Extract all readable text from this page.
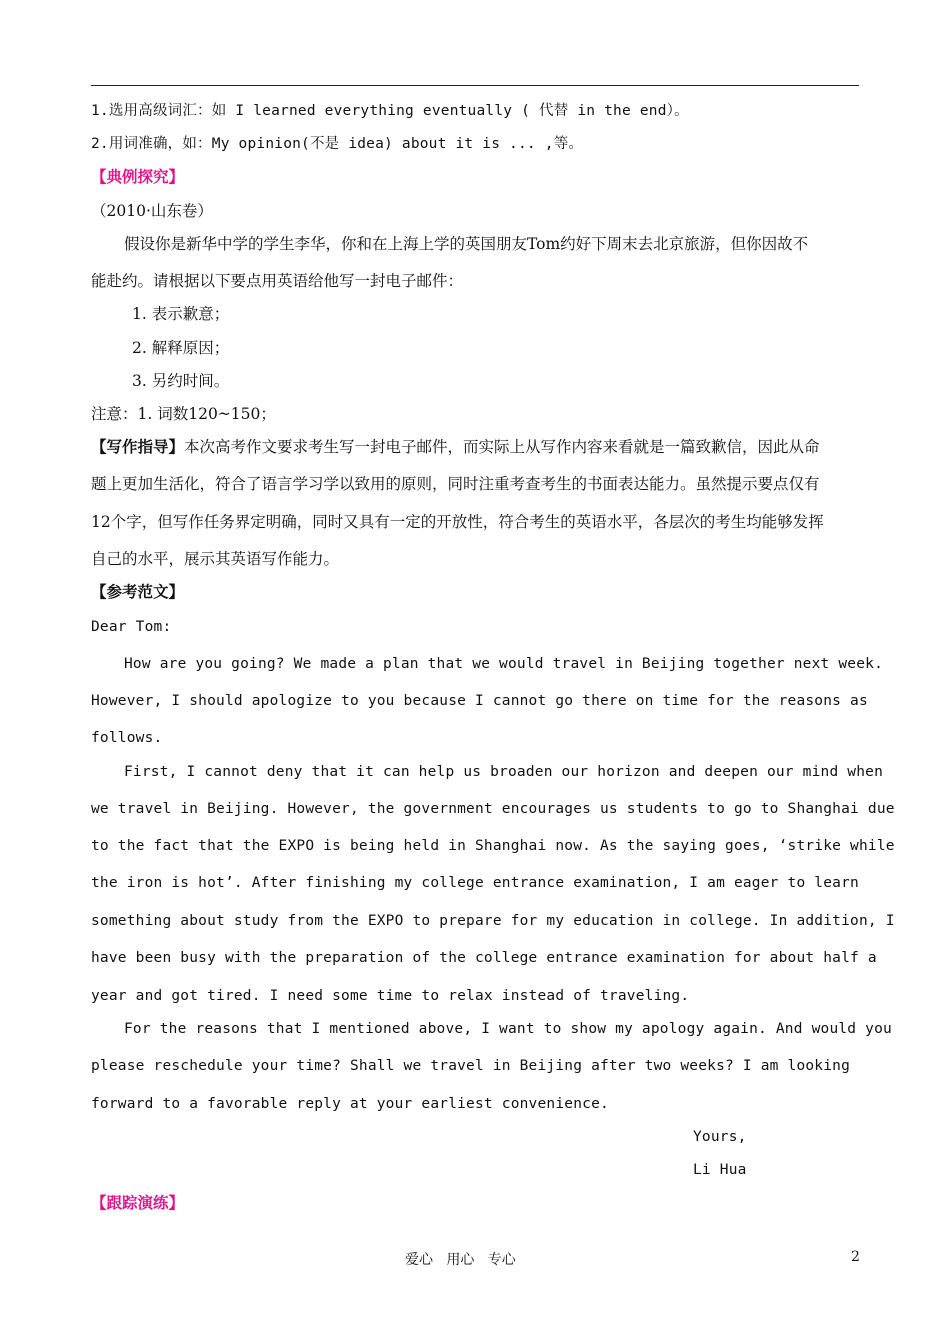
1.选用高级词汇：如 I learned everything eventually ( 代替 in the end）。
2.用词准确，如：My opinion(不是 idea) about it is ... ,等。
【典例探究】
（2010·山东卷）
假设你是新华中学的学生李华，你和在上海上学的英国朋友Tom约好下周末去北京旅游，但你因故不
能赴约。请根据以下要点用英语给他写一封电子邮件：
1. 表示歉意；
2. 解释原因；
3. 另约时间。
注意：1. 词数120~150；
【写作指导】本次高考作文要求考生写一封电子邮件，而实际上从写作内容来看就是一篇致歉信，因此从命
题上更加生活化，符合了语言学习学以致用的原则，同时注重考查考生的书面表达能力。虽然提示要点仅有
12个字，但写作任务界定明确，同时又具有一定的开放性，符合考生的英语水平，各层次的考生均能够发挥
自己的水平，展示其英语写作能力。
【参考范文】
Dear Tom:
How are you going? We made a plan that we would travel in Beijing together next week.
However, I should apologize to you because I cannot go there on time for the reasons as
follows.
First, I cannot deny that it can help us broaden our horizon and deepen our mind when
we travel in Beijing. However, the government encourages us students to go to Shanghai due
to the fact that the EXPO is being held in Shanghai now. As the saying goes, ‘strike while
the iron is hot’. After finishing my college entrance examination, I am eager to learn
something about study from the EXPO to prepare for my education in college. In addition, I
have been busy with the preparation of the college entrance examination for about half a
year and got tired. I need some time to relax instead of traveling.
For the reasons that I mentioned above, I want to show my apology again. And would you
please reschedule your time? Shall we travel in Beijing after two weeks? I am looking
forward to a favorable reply at your earliest convenience.
Yours,
Li Hua
【跟踪演练】
爱心   用心   专心	2
